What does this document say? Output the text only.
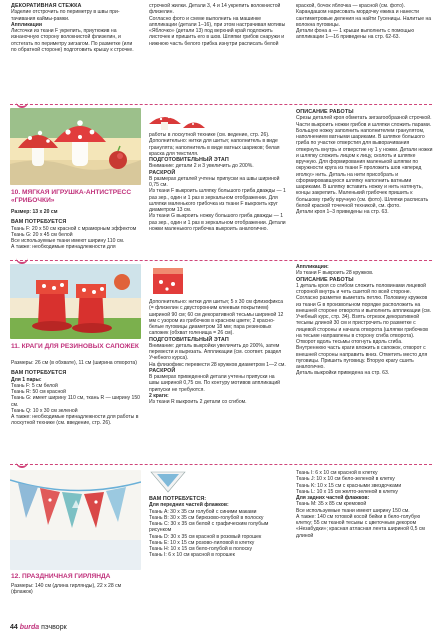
ДЕКОРАТИВНАЯ СТЕЖКА

Изделие отстрочить по периметру в швы при-тачивания каймы-рамки.

Аппликации

Листочки из ткани F укрепить, приутюжив на изнаночную сторону волокнистой флизелин, и отстегать по периметру зигзагом. По разметке (или по обратной стороне) подготовить крышу к строчке.

строчкой жилки. Детали 3, 4 и 14 укрепить волокнистой флизелин.

Согласно фото и схеме выполнить на машинке аппликации (детали 1–16), при этом настрачивая мотивы «Яблочко» (детали 13) под верхний край подложить листочек и пришить его в шов. Шляпки грибов снаружи и нижнюю часть белого грибка изнутри расписать белой

краской, бочок яблочка — красной (см. фото). Карандашом нарисовать мордочку ежика и нанести сантиметровые деления на найти Гусеницы. Налитые на волокна пуговицы.

Детали фона а — 1 крыши выполнить с помощью аппликации 1—16 приведены на стр. 62-63.

10. МЯГКАЯ ИГРУШКА-АНТИСТРЕСС «ГРИБОЧКИ»

Размер: 13 х 20 см

ВАМ ПОТРЕБУЕТСЯ

Ткань F: 20 х 50 см красной с мраморным эффектом

Ткань G: 20 х 45 см белой

Все используемые ткани имеют ширину 110 см.

А также: необходимые принадлежности для

работы в лоскутной технике (см. ведение, стр. 26).

Дополнительно: нитки для шитья; наполнитель в виде гранулята; наполнитель в виде ватных шариков; белая краска для текстиля.

ПОДГОТОВИТЕЛЬНЫЙ ЭТАП

Внимание: детали 2 и 3 увеличить до 200%.

РАСКРОЙ

В размерах деталей учтены припуски на швы шириной 0,75 см.

Из ткани F выкроить шляпку большого гриба дважды — 1 раз зер., один и 1 раз в зеркальном отображении. Для шляпки маленького грибочка из ткани F выкроить круг диаметром 13 см.

Из ткани G выкроить ножку большого гриба дважды — 1 раз зер., один и 1 раз в зеркальном отображении. Детали ножки маленького грибочка выкроить аналогично.

ОПИСАНИЕ РАБОТЫ

Срезы деталей кроя обметать зигзагообразной строчкой. Части выкроить ножки грибов и шляпки сложить парами. Большую ножку заполнить наполнителем гранулятом, наполнением ватными шариками. В шляпке большого гриба по участке отверстия для выворачивания отвернуть внутрь и отверстие ну 1 у ножки. Детали ножки и шляпку сложить лицом к лицу, сколоть и шляпке вручную. Для формирования маленькой шляпки по окружности круга из ткани F проложить шов «вперед иголку» нить. Деталь на нити присобрать и сформировавшуюся шляпку наполнить ватными шариками. В шляпку вставить ножку и нить натянуть, концы закрепить. Маленький грибочек пришить к большому грибу вручную (см. фото). Шляпки расписать белой краской точечной техникой, см. фото.

Детали кроя 1–3 приведены на стр. 63.

11. КРАГИ ДЛЯ РЕЗИНОВЫХ САПОЖЕК

Размеры: 26 см (в обхвате), 11 см (ширина отворота)

ВАМ ПОТРЕБУЕТСЯ

Для 1 пары:

Ткань F: 5 см белой

Ткань R: 50 см красной

Ткань G: имеет ширину 110 см, ткань R — ширину 150 см.

Ткань Q: 10 х 30 см зеленой

А также: необходимые принадлежности для работы в лоскутной технике (см. введение, стр. 26).

Дополнительно: нитки для шитья; 5 х 30 см флизофикса (= флизелин с двусторонним клеевым покрытием) шириной 90 см; 60 см декоративной тесьмы шириной 12 мм с узором из грибочков в красном цвете; 2 красно-белые пуговицы диаметром 18 мм; пара резиновых сапожек (обхват голенища = 26 см).

ПОДГОТОВИТЕЛЬНЫЙ ЭТАП

Внимание: деталь выкройки увеличить до 200%, затем перевести и вырезать. Аппликации (см. соответ. раздел Учебного курса).

На флизофикс перевести 28 кружков диаметром 1—2 см.

РАСКРОЙ

В размерах приведенной детали учтены припуски на швы шириной 0,75 см. По контуру мотивов аппликаций припуски не требуются.

2 краги:

Из ткани R выкроить 2 детали со сгибом.

Аппликации:

Из ткани F выкроить 28 кружков.

ОПИСАНИЕ РАБОТЫ

1 деталь кроя со сгибом сложить половинами лицевой стороной внутрь и четь сшитой по всей стороне. Согласно разметке выметать петлю. Половину кружков из ткани G в произвольном порядке расположить на внешней стороне отворота и выполнить аппликации (см. Учебный курс, стр. 34). Взять отрезок декоративной тесьмы длиной 30 см и пристрочить по разметке с лицевой стороны и начала отворота (шляпки грибочков на тесьме направлены в сторону сгиба отворота). Отворот вдоль тесьмы отогнуть вдоль сгиба. Внутреннюю часть краги вложить в сапожок, отворот с внешней стороны направить вниз. Отметить место для пуговицы. Пришить пуговицу. Вторую крагу сшить аналогично.

Деталь выкройки приведена на стр. 63.

12. ПРАЗДНИЧНАЯ ГИРЛЯНДА

Размеры: 140 см (длина гирлянды), 22 х 28 см (флажок)

ВАМ ПОТРЕБУЕТСЯ:

Для передних частей флажков:

Ткань A: 30 х 35 см голубой с синими маками

Ткань B: 30 х 35 см бирюзово-голубой в полоску

Ткань C: 30 х 35 см белой с графическим голубым рисунком

Ткань D: 30 х 35 см красной в розовый горошек

Ткань E: 10 х 15 см розово-лиловой в клетку

Ткань H: 10 х 15 см бело-голубой в полоску

Ткань I: 6 х 10 см красной в горошек

Ткань I: 6 х 10 см красной в клетку

Ткань J: 10 х 10 см бело-зеленой в клетку

Ткань K: 10 х 15 см с красными звездочками

Ткань L: 10 х 15 см желто-зеленой в клетку

Для задних частей флажков:

Ткань M: 35 х 85 см кремовой

Все используемые ткани имеют ширину 150 см.

А также: 140 см готовой косой бейки в бело-голубую клетку; 55 см тканой тесьмы с цветочным декором «Незабудки»; красная атласная лента шириной 0,5 см длиной

44 burda пэчворк
